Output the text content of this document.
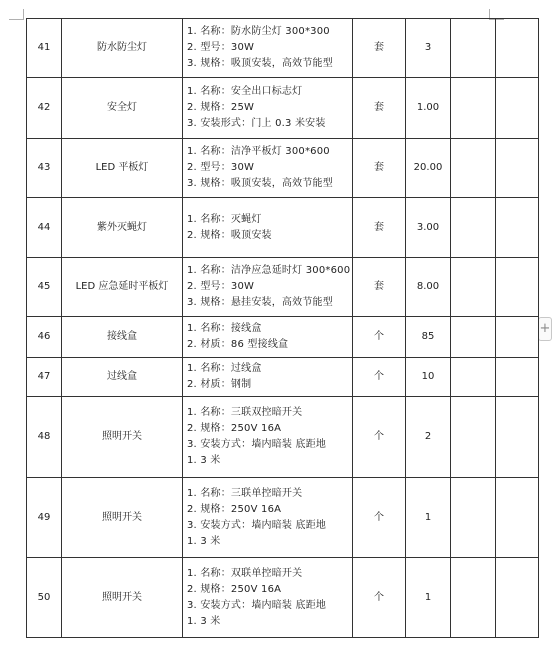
+
41	防水防尘灯	1. 名称：防水防尘灯 300*300
2. 型号：30W
3. 规格：吸顶安装，高效节能型	套	3		
42	安全灯	1. 名称：安全出口标志灯
2. 规格：25W
3. 安装形式：门上 0.3 米安装	套	1.00		
43	LED 平板灯	1. 名称：洁净平板灯 300*600
2. 型号：30W
3. 规格：吸顶安装，高效节能型	套	20.00		
44	紫外灭蝇灯	1. 名称：灭蝇灯
2. 规格：吸顶安装	套	3.00		
45	LED 应急延时平板灯	1. 名称：洁净应急延时灯 300*600
2. 型号：30W
3. 规格：悬挂安装，高效节能型	套	8.00		
46	接线盒	1. 名称：接线盒
2. 材质：86 型接线盒	个	85		
47	过线盒	1. 名称：过线盒
2. 材质：钢制	个	10		
48	照明开关	1. 名称：三联双控暗开关
2. 规格：250V 16A
3. 安装方式：墙内暗装 底距地
1. 3 米	个	2		
49	照明开关	1. 名称：三联单控暗开关
2. 规格：250V 16A
3. 安装方式：墙内暗装 底距地
1. 3 米	个	1		
50	照明开关	1. 名称：双联单控暗开关
2. 规格：250V 16A
3. 安装方式：墙内暗装 底距地
1. 3 米	个	1		
